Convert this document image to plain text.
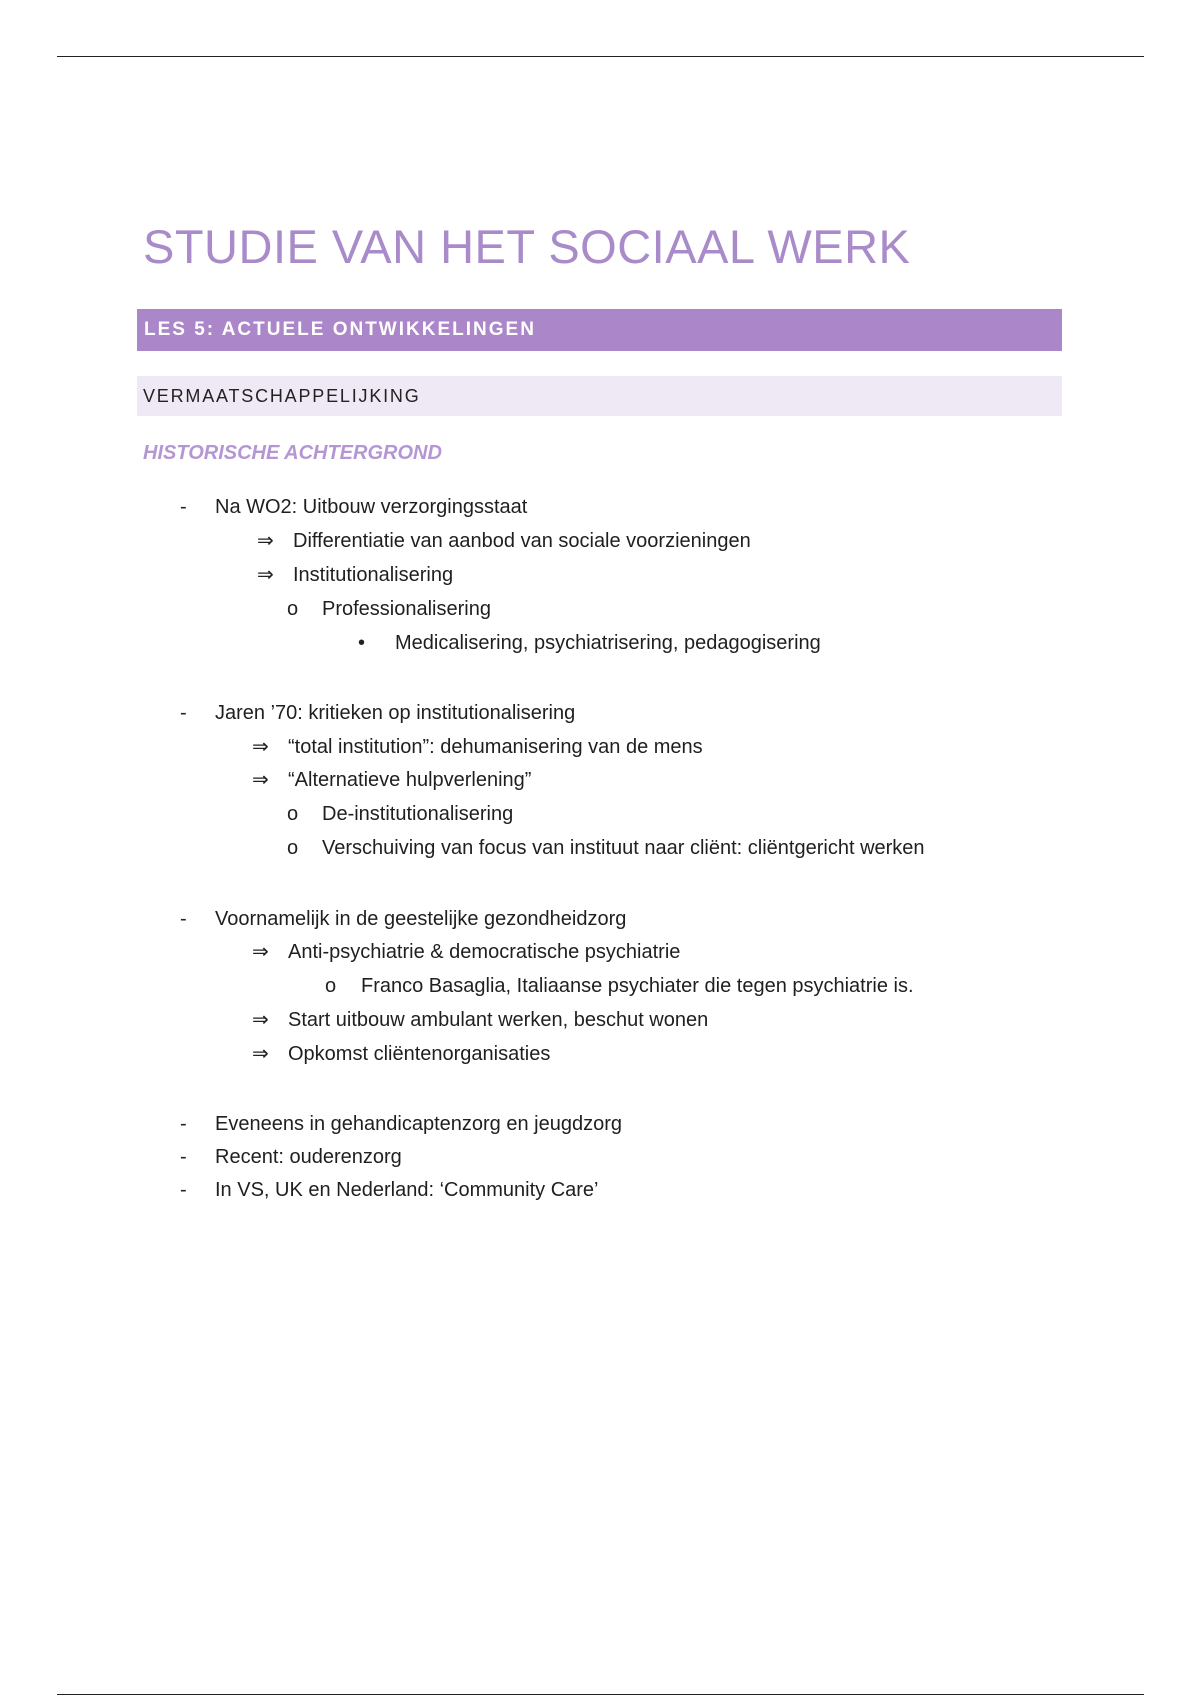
STUDIE VAN HET SOCIAAL WERK
LES 5: ACTUELE ONTWIKKELINGEN
VERMAATSCHAPPELIJKING
HISTORISCHE ACHTERGROND
- Na WO2: Uitbouw verzorgingsstaat
⇒ Differentiatie van aanbod van sociale voorzieningen
⇒ Institutionalisering
o Professionalisering
• Medicalisering, psychiatrisering, pedagogisering
- Jaren ’70: kritieken op institutionalisering
⇒ “total institution”: dehumanisering van de mens
⇒ “Alternatieve hulpverlening”
o De-institutionalisering
o Verschuiving van focus van instituut naar cliënt: cliëntgericht werken
- Voornamelijk in de geestelijke gezondheidzorg
⇒ Anti-psychiatrie & democratische psychiatrie
o Franco Basaglia, Italiaanse psychiater die tegen psychiatrie is.
⇒ Start uitbouw ambulant werken, beschut wonen
⇒ Opkomst cliëntenorganisaties
- Eveneens in gehandicaptenzorg en jeugdzorg
- Recent: ouderenzorg
- In VS, UK en Nederland: ‘Community Care’
